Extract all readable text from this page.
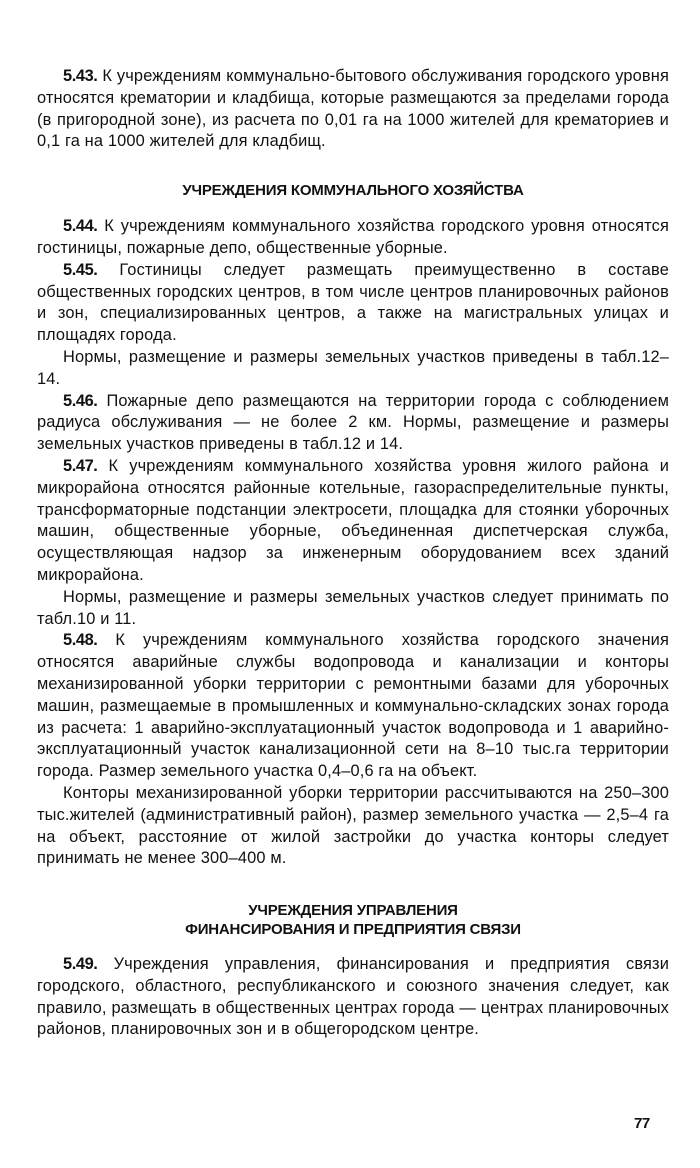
5.43. К учреждениям коммунально-бытового обслуживания городского уровня относятся крематории и кладбища, которые размещаются за пределами города (в пригородной зоне), из расчета по 0,01 га на 1000 жителей для крематориев и 0,1 га на 1000 жителей для кладбищ.

УЧРЕЖДЕНИЯ КОММУНАЛЬНОГО ХОЗЯЙСТВА

5.44. К учреждениям коммунального хозяйства городского уровня относятся гостиницы, пожарные депо, общественные уборные.

5.45. Гостиницы следует размещать преимущественно в составе общественных городских центров, в том числе центров планировочных районов и зон, специализированных центров, а также на магистральных улицах и площадях города.

Нормы, размещение и размеры земельных участков приведены в табл.12–14.

5.46. Пожарные депо размещаются на территории города с соблюдением радиуса обслуживания — не более 2 км. Нормы, размещение и размеры земельных участков приведены в табл.12 и 14.

5.47. К учреждениям коммунального хозяйства уровня жилого района и микрорайона относятся районные котельные, газораспределительные пункты, трансформаторные подстанции электросети, площадка для стоянки уборочных машин, общественные уборные, объединенная диспетчерская служба, осуществляющая надзор за инженерным оборудованием всех зданий микрорайона.

Нормы, размещение и размеры земельных участков следует принимать по табл.10 и 11.

5.48. К учреждениям коммунального хозяйства городского значения относятся аварийные службы водопровода и канализации и конторы механизированной уборки территории с ремонтными базами для уборочных машин, размещаемые в промышленных и коммунально-складских зонах города из расчета: 1 аварийно-эксплуатационный участок водопровода и 1 аварийно-эксплуатационный участок канализационной сети на 8–10 тыс.га территории города. Размер земельного участка 0,4–0,6 га на объект.

Конторы механизированной уборки территории рассчитываются на 250–300 тыс.жителей (административный район), размер земельного участка — 2,5–4 га на объект, расстояние от жилой застройки до участка конторы следует принимать не менее 300–400 м.

УЧРЕЖДЕНИЯ УПРАВЛЕНИЯ
ФИНАНСИРОВАНИЯ И ПРЕДПРИЯТИЯ СВЯЗИ

5.49. Учреждения управления, финансирования и предприятия связи городского, областного, республиканского и союзного значения следует, как правило, размещать в общественных центрах города — центрах планировочных районов, планировочных зон и в общегородском центре.

77
